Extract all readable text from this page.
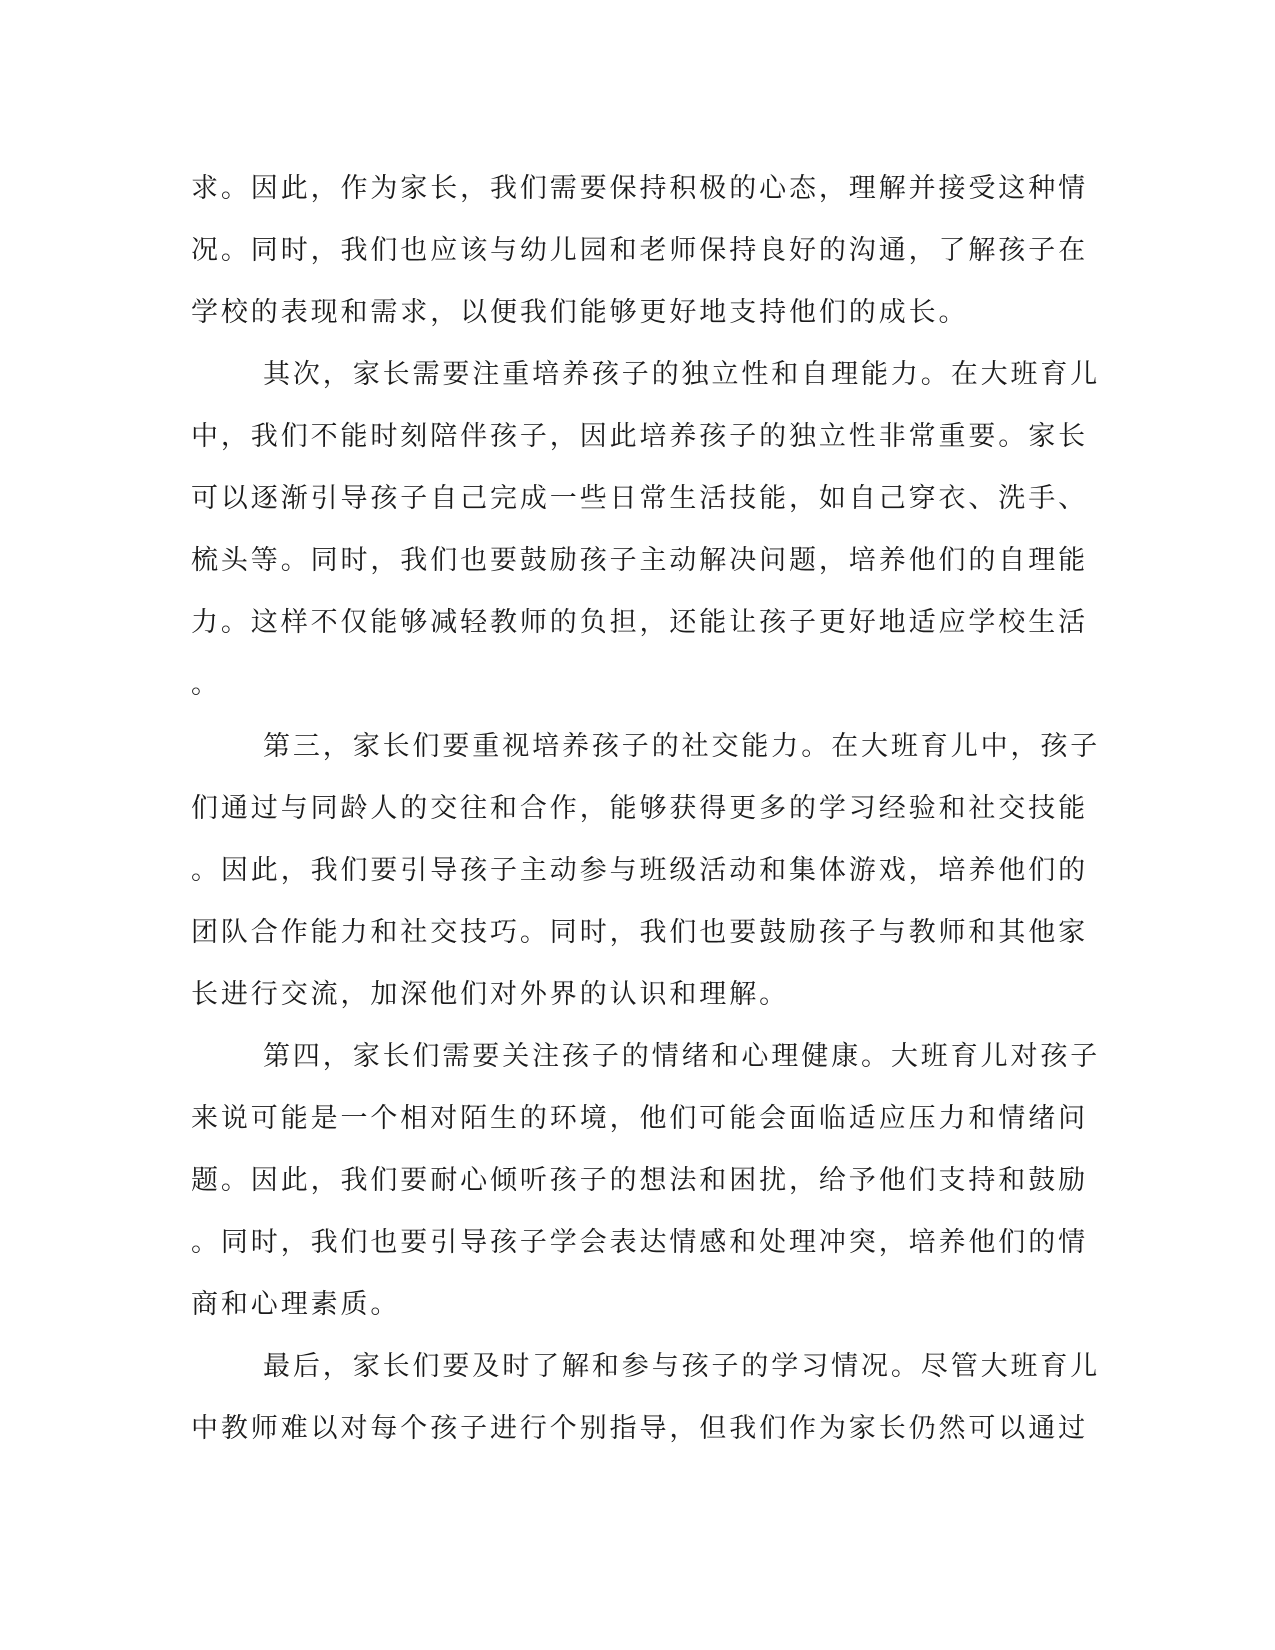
求。因此，作为家长，我们需要保持积极的心态，理解并接受这种情
况。同时，我们也应该与幼儿园和老师保持良好的沟通，了解孩子在
学校的表现和需求，以便我们能够更好地支持他们的成长。
其次，家长需要注重培养孩子的独立性和自理能力。在大班育儿
中，我们不能时刻陪伴孩子，因此培养孩子的独立性非常重要。家长
可以逐渐引导孩子自己完成一些日常生活技能，如自己穿衣、洗手、
梳头等。同时，我们也要鼓励孩子主动解决问题，培养他们的自理能
力。这样不仅能够减轻教师的负担，还能让孩子更好地适应学校生活
。
第三，家长们要重视培养孩子的社交能力。在大班育儿中，孩子
们通过与同龄人的交往和合作，能够获得更多的学习经验和社交技能
。因此，我们要引导孩子主动参与班级活动和集体游戏，培养他们的
团队合作能力和社交技巧。同时，我们也要鼓励孩子与教师和其他家
长进行交流，加深他们对外界的认识和理解。
第四，家长们需要关注孩子的情绪和心理健康。大班育儿对孩子
来说可能是一个相对陌生的环境，他们可能会面临适应压力和情绪问
题。因此，我们要耐心倾听孩子的想法和困扰，给予他们支持和鼓励
。同时，我们也要引导孩子学会表达情感和处理冲突，培养他们的情
商和心理素质。
最后，家长们要及时了解和参与孩子的学习情况。尽管大班育儿
中教师难以对每个孩子进行个别指导，但我们作为家长仍然可以通过
